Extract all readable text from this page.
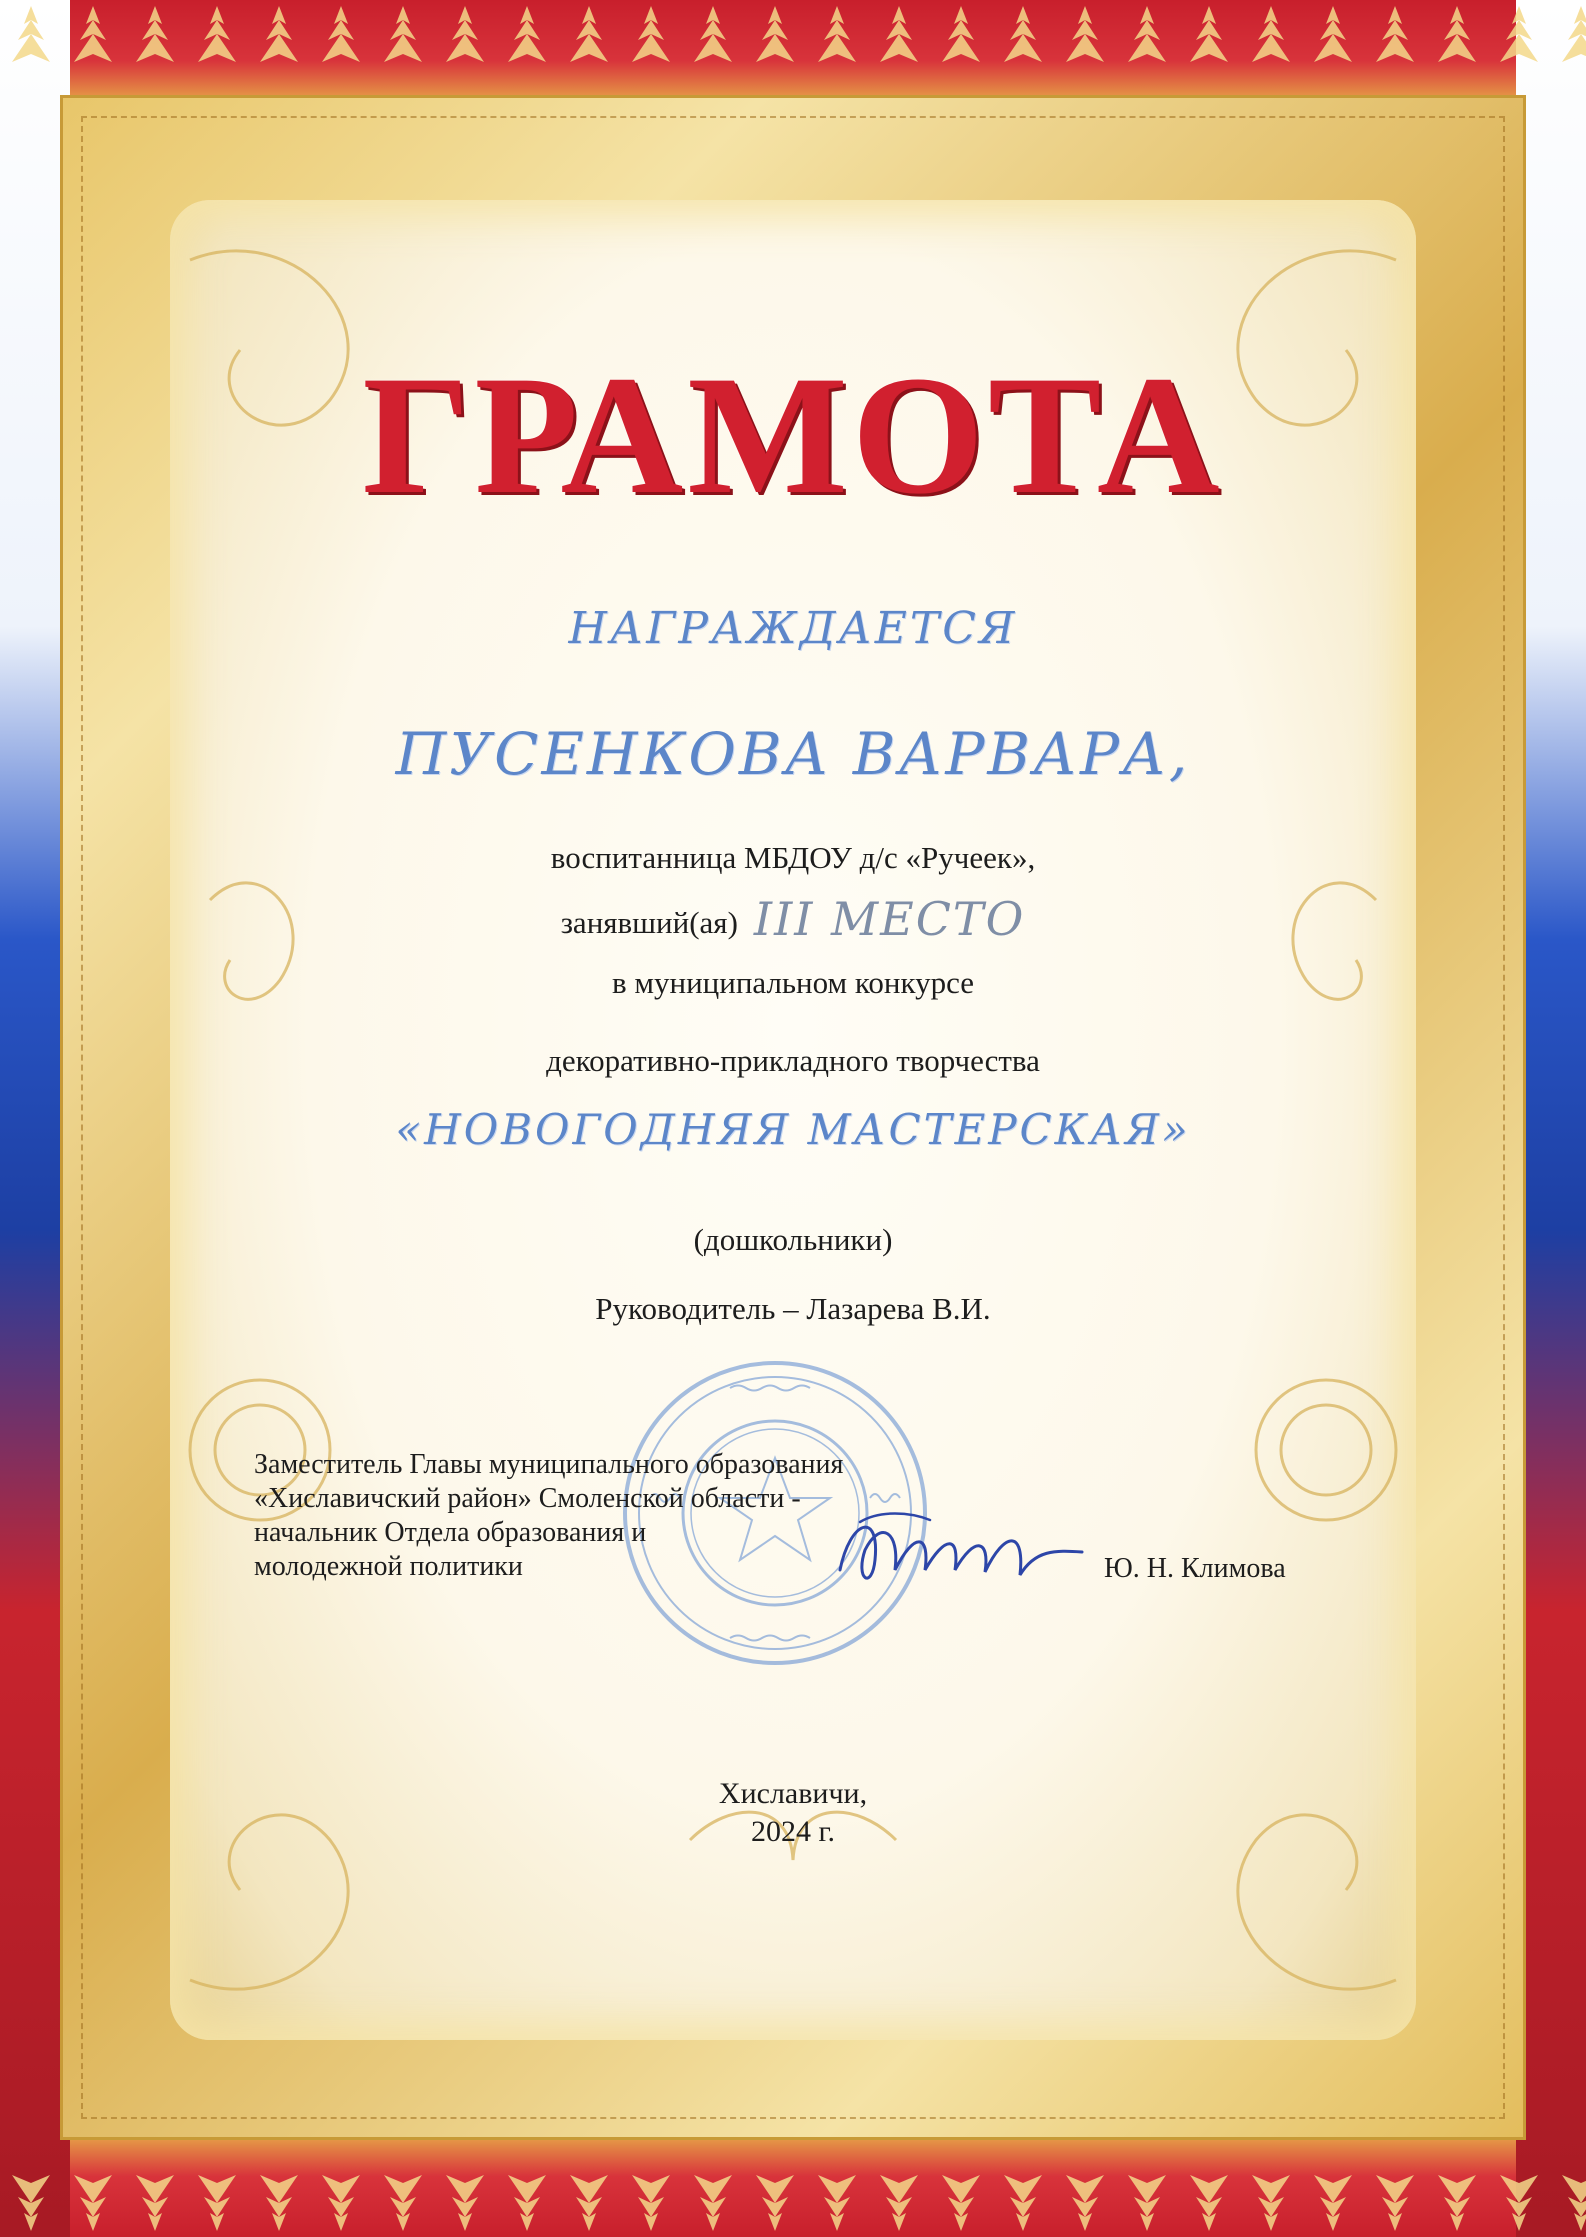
ГРАМОТА
НАГРАЖДАЕТСЯ
ПУСЕНКОВА ВАРВАРА,
воспитанница МБДОУ д/с «Ручеек»,
занявший(ая) III МЕСТО
в муниципальном конкурсе
декоративно-прикладного творчества
«НОВОГОДНЯЯ МАСТЕРСКАЯ»
(дошкольники)
Руководитель – Лазарева В.И.
Заместитель Главы муниципального образования
«Хиславичский район» Смоленской области -
начальник Отдела образования и
молодежной политики	Ю. Н. Климова
Хиславичи,
2024 г.
